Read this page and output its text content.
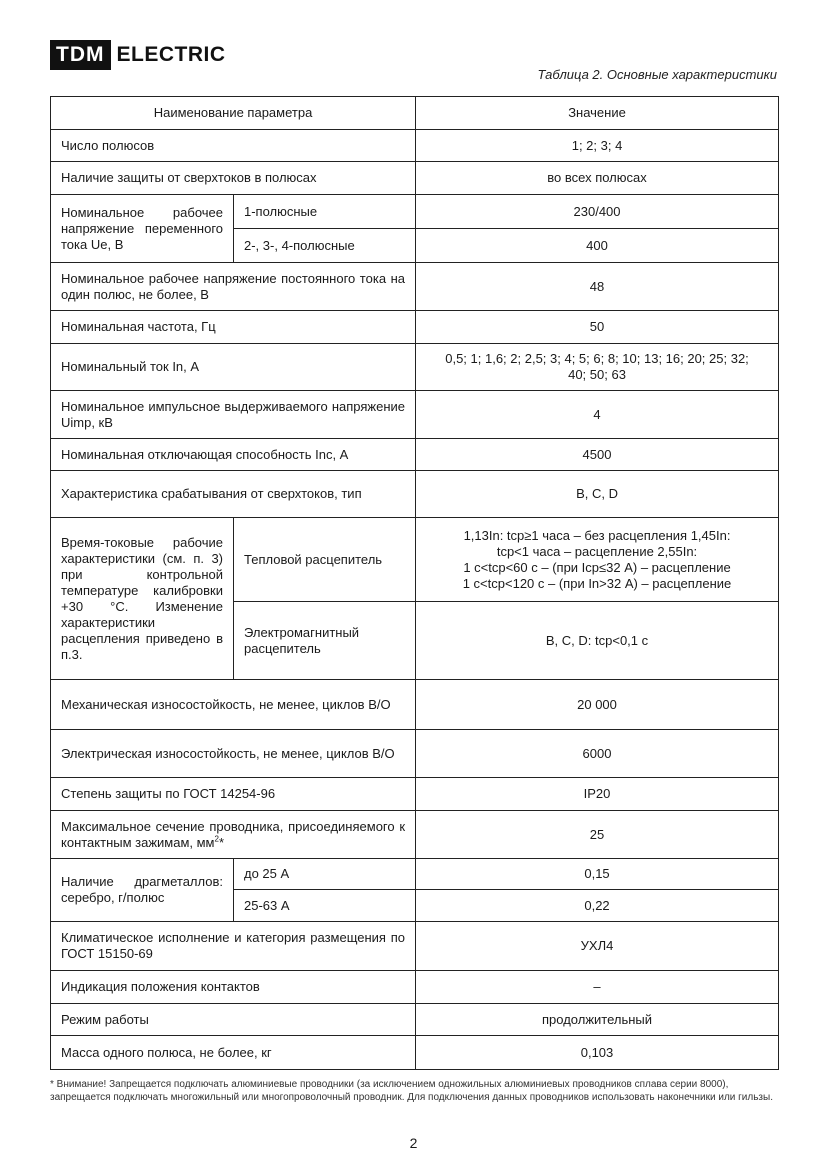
TDM ELECTRIC
Таблица 2. Основные характеристики
Наименование параметра		Значение
Число полюсов		1; 2; 3; 4
Наличие защиты от сверхтоков в полюсах		во всех полюсах
Номинальное рабочее напряжение переменного тока Ue, В	1-полюсные	230/400
	2-, 3-, 4-полюсные	400
Номинальное рабочее напряжение постоянного тока на один полюс, не более, В		48
Номинальная частота, Гц		50
Номинальный ток In, А		0,5; 1; 1,6; 2; 2,5; 3; 4; 5; 6; 8; 10; 13; 16; 20; 25; 32;
40; 50; 63

Номинальное импульсное выдерживаемого напряжение Uimp, кВ		4
Номинальная отключающая способность Inc, А		4500
Характеристика срабатывания от сверхтоков, тип		B, C, D
Время-токовые рабочие характеристики (см. п. 3) при контрольной температуре калибровки +30 °C. Изменение характеристики расцепления приведено в п.3.	Тепловой расцепитель	1,13In: tср≥1 часа – без расцепления 1,45In:
tср<1 часа – расцепление 2,55In:
1 с<tср<60 с – (при Iср≤32 А) – расцепление
1 с<tср<120 с – (при In>32 А) – расцепление

	Электромагнитный расцепитель	B, C, D: tср<0,1 с
Механическая износостойкость, не менее, циклов В/О		20 000
Электрическая износостойкость, не менее, циклов В/О		6000
Степень защиты по ГОСТ 14254-96		IP20
Максимальное сечение проводника, присоединяемого к контактным зажимам, $мм^2*$		25
Наличие драгметаллов: серебро, г/полюс	до 25 А	0,15
	25-63 А	0,22
Климатическое исполнение и категория размещения по ГОСТ 15150-69		УХЛ4
Индикация положения контактов		–
Режим работы		продолжительный
Масса одного полюса, не более, кг		0,103
* Внимание! Запрещается подключать алюминиевые проводники (за исключением одножильных алюминиевых проводников сплава серии 8000), запрещается подключать многожильный или многопроволочный проводник. Для подключения данных проводников использовать наконечники или гильзы.
2
